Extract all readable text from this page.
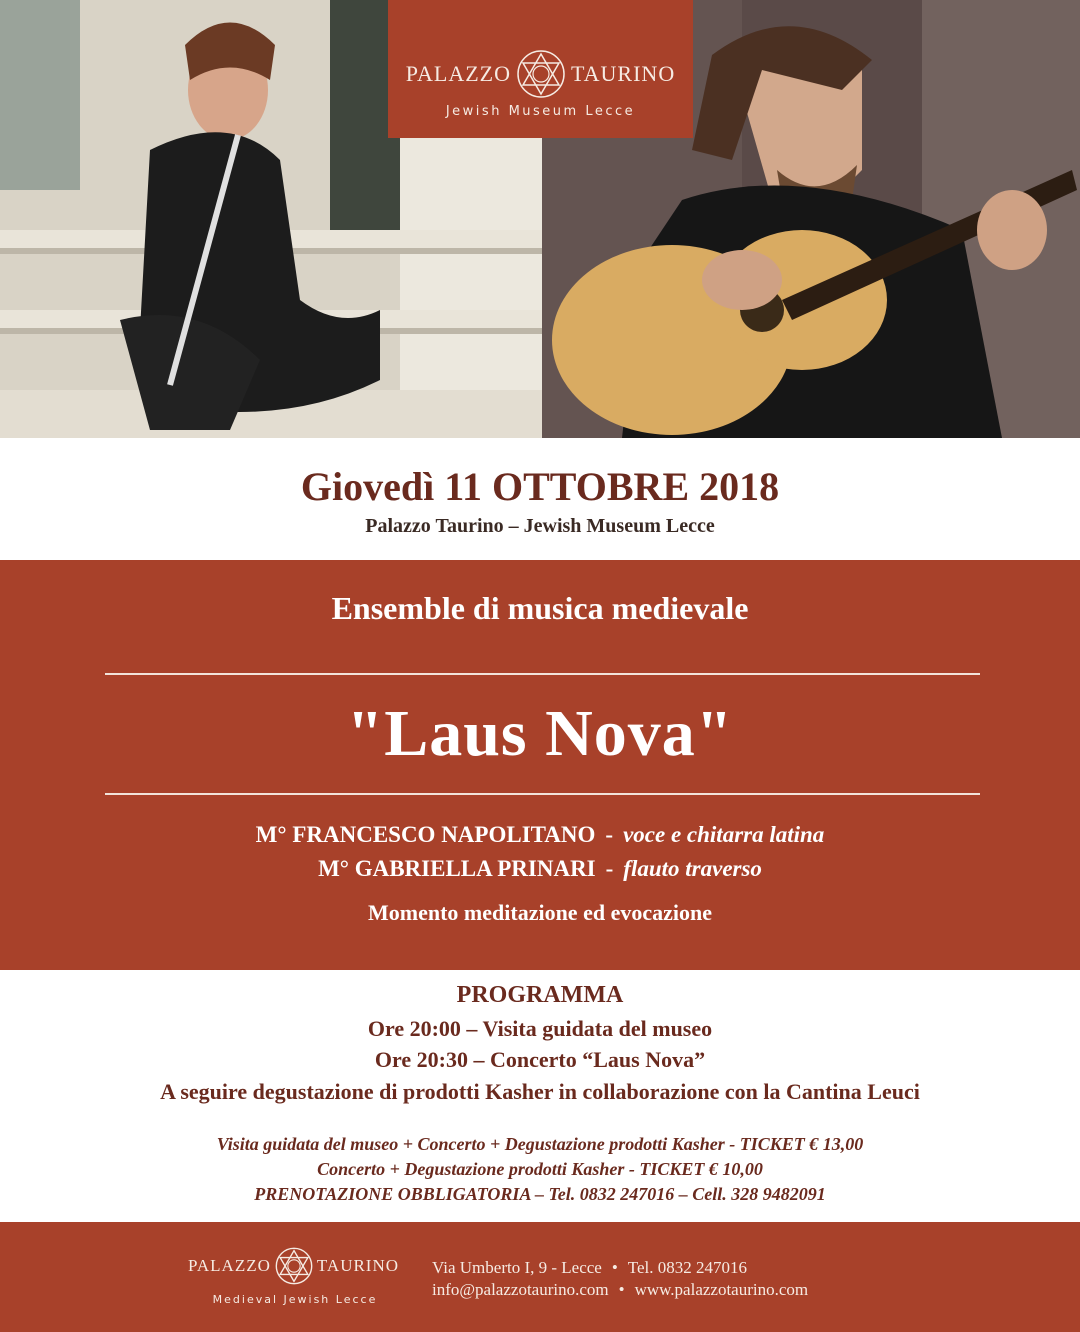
PALAZZO	TAURINO
Jewish Museum Lecce
Giovedì 11 OTTOBRE 2018
Palazzo Taurino – Jewish Museum Lecce
Ensemble di musica medievale
"Laus Nova"
M° FRANCESCO NAPOLITANO - voce e chitarra latina
M° GABRIELLA PRINARI - flauto traverso
Momento meditazione ed evocazione
PROGRAMMA
Ore 20:00 – Visita guidata del museo
Ore 20:30 – Concerto “Laus Nova”
A seguire degustazione di prodotti Kasher in collaborazione con la Cantina Leuci
Visita guidata del museo + Concerto + Degustazione prodotti Kasher - TICKET € 13,00
Concerto + Degustazione prodotti Kasher - TICKET € 10,00
PRENOTAZIONE OBBLIGATORIA – Tel. 0832 247016 – Cell. 328 9482091
PALAZZO	TAURINO
Medieval Jewish Lecce
Via Umberto I, 9 - Lecce • Tel. 0832 247016
info@palazzotaurino.com • www.palazzotaurino.com
